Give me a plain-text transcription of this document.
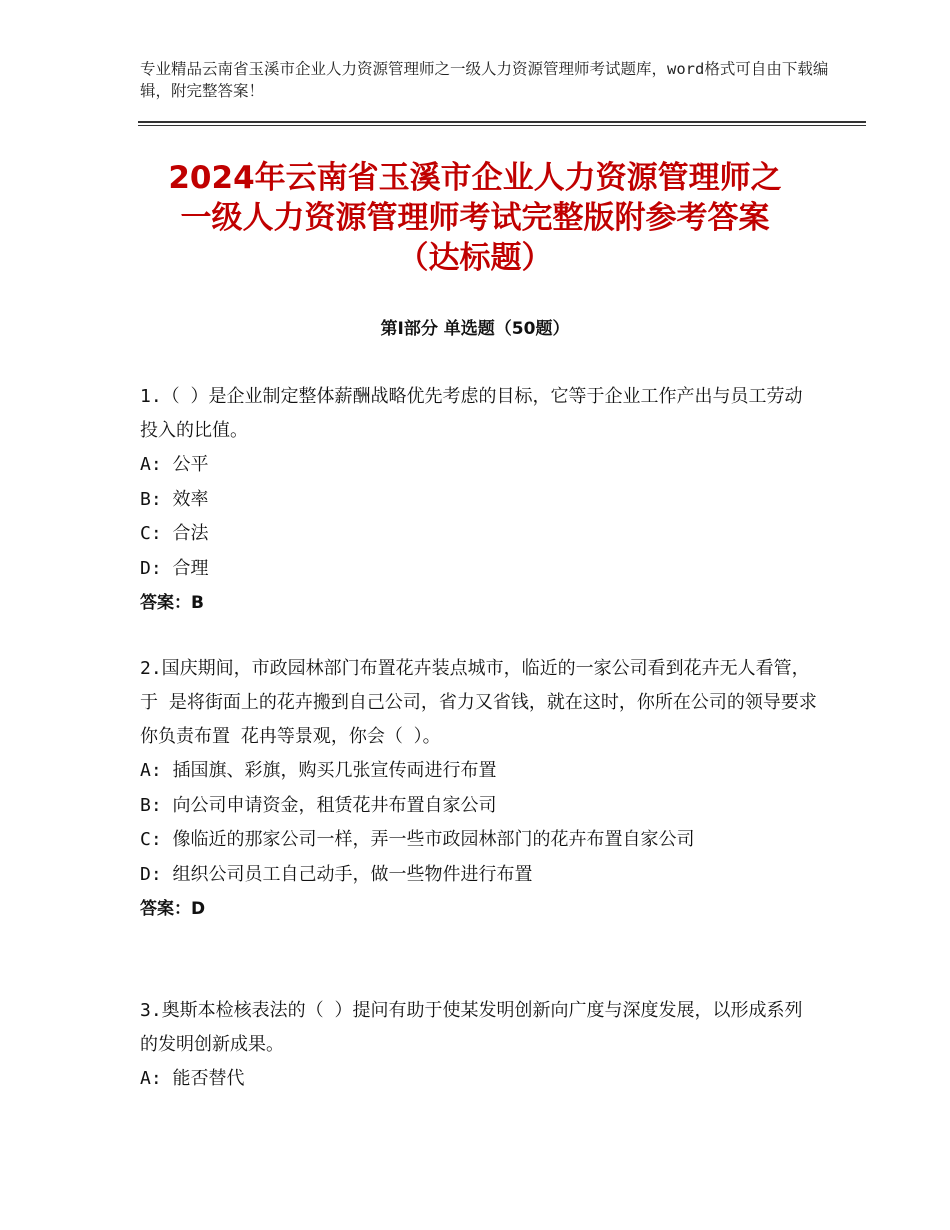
专业精品云南省玉溪市企业人力资源管理师之一级人力资源管理师考试题库，word格式可自由下载编辑，附完整答案！
2024年云南省玉溪市企业人力资源管理师之
一级人力资源管理师考试完整版附参考答案
（达标题）
第Ⅰ部分 单选题（50题）
1.（ ）是企业制定整体薪酬战略优先考虑的目标，它等于企业工作产出与员工劳动投入的比值。
A: 公平
B: 效率
C: 合法
D: 合理
答案：B
2.国庆期间，市政园林部门布置花卉装点城市，临近的一家公司看到花卉无人看管，于 是将街面上的花卉搬到自己公司，省力又省钱，就在这时，你所在公司的领导要求你负责布置 花冉等景观，你会（ ）。
A: 插国旗、彩旗，购买几张宣传両进行布置
B: 向公司申请资金，租赁花井布置自家公司
C: 像临近的那家公司一样，弄一些市政园林部门的花卉布置自家公司
D: 组织公司员工自己动手，做一些物件进行布置
答案：D
3.奥斯本检核表法的（ ）提问有助于使某发明创新向广度与深度发展，以形成系列的发明创新成果。
A: 能否替代
